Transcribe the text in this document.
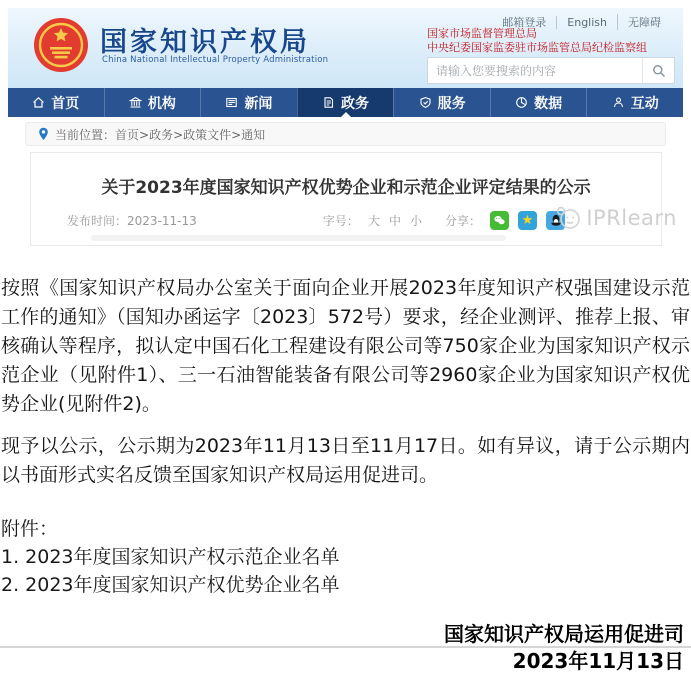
国家知识产权局
China National Intellectual Property Administration
邮箱登录	English	无障碍
国家市场监督管理总局
中央纪委国家监委驻市场监管总局纪检监察组
请输入您要搜索的内容
首页	机构	新闻	政务	服务	数据	互动
当前位置： 首页>政务>政策文件>通知
关于2023年度国家知识产权优势企业和示范企业评定结果的公示
发布时间：2023-11-13	字号： 大 中 小 分享：	★	IPRlearn

按照《国家知识产权局办公室关于面向企业开展2023年度知识产权强国建设示范工作的通知》（国知办函运字〔2023〕572号）要求，经企业测评、推荐上报、审核确认等程序，拟认定中国石化工程建设有限公司等750家企业为国家知识产权示范企业（见附件1）、三一石油智能装备有限公司等2960家企业为国家知识产权优势企业(见附件2)。

现予以公示，公示期为2023年11月13日至11月17日。如有异议，请于公示期内以书面形式实名反馈至国家知识产权局运用促进司。

附件：
1. 2023年度国家知识产权示范企业名单
2. 2023年度国家知识产权优势企业名单
国家知识产权局运用促进司
2023年11月13日
